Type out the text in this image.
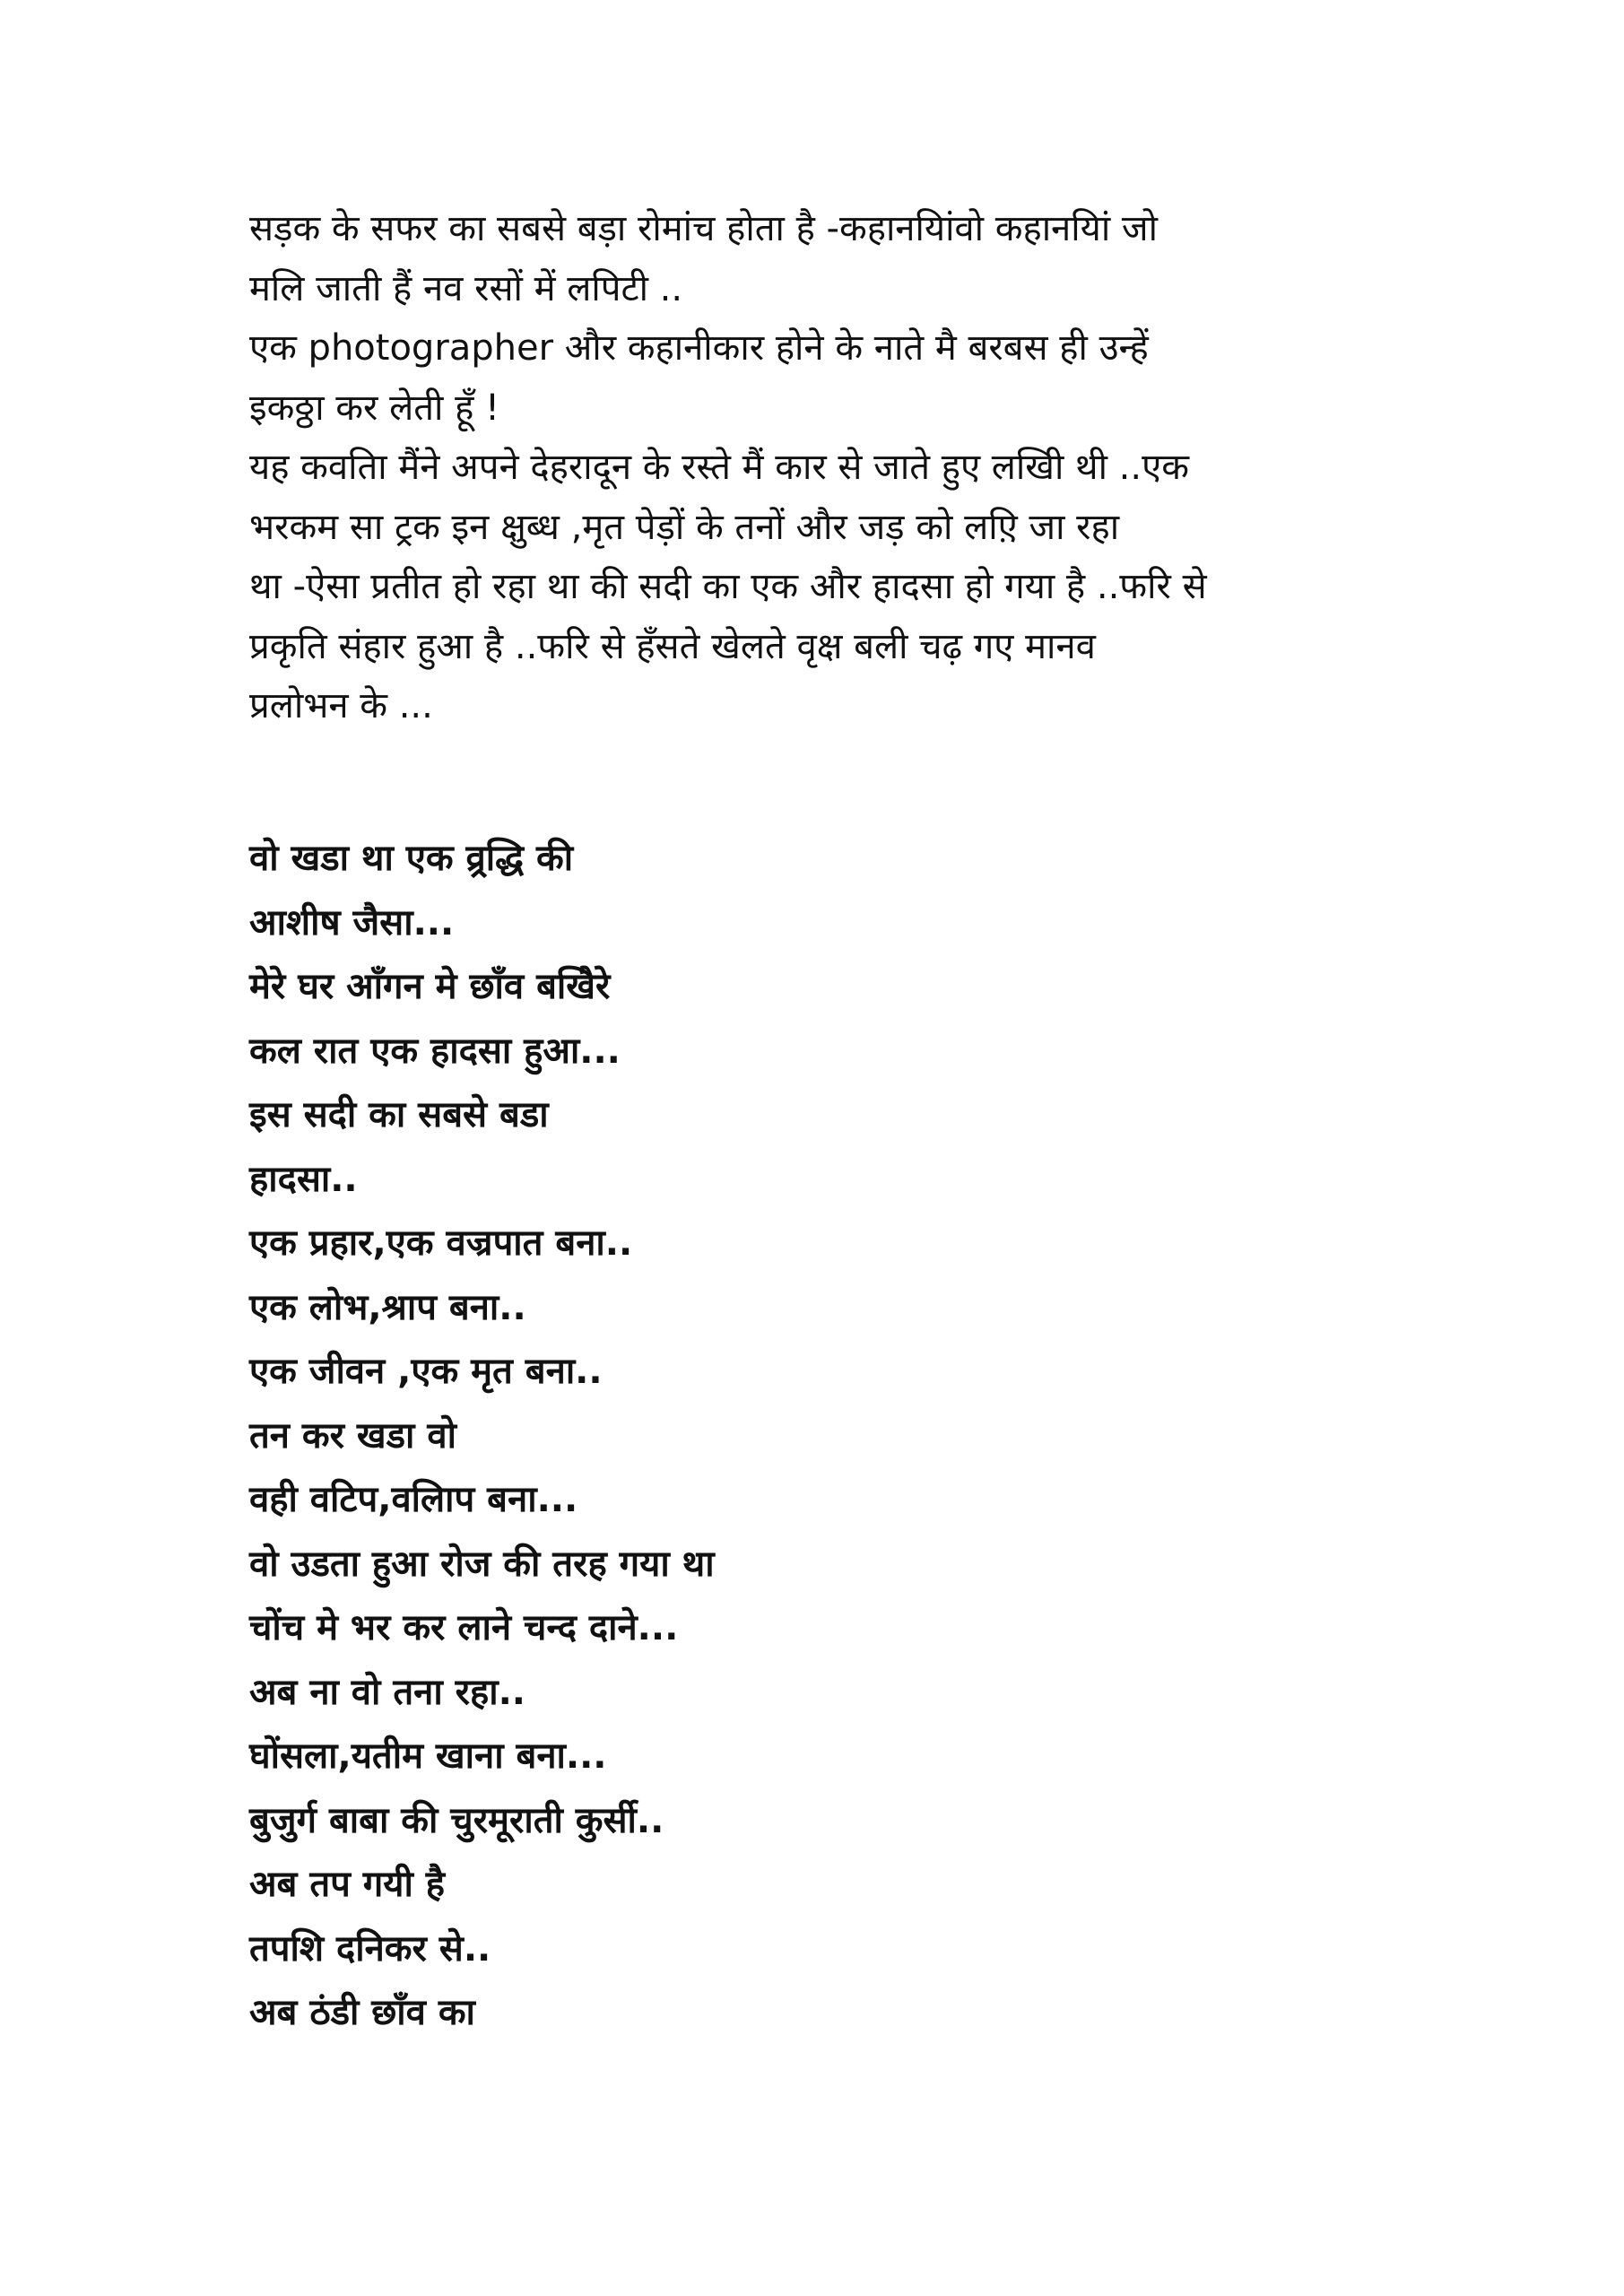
सड़क के सफर का सबसे बड़ा रोमांच होता है -कहानयिांवो कहानयिां जो
मलि जाती हैं नव रसों में लपिटी ..
एक photographer और कहानीकार होने के नाते मै बरबस ही उन्हें
इकठ्ठा कर लेती हूँ !
यह कवतिा मैंने अपने देहरादून के रस्ते मैं कार से जाते हुए लखिी थी ..एक
भरकम सा ट्रक इन क्षुब्ध ,मृत पेड़ों के तनों और जड़ को लए़ि जा रहा
था -ऐसा प्रतीत हो रहा था की सदी का एक और हादसा हो गया है ..फरि से
प्रकृति संहार हुआ है ..फरि से हँसते खेलते वृक्ष बली चढ़ गए मानव
प्रलोभन के ...
वो खडा था एक व्र्रद्धि की
आशीष जैसा...
मेरे घर आँगन मे छाँव बखिैरे
कल रात एक हादसा हुआ...
इस सदी का सबसे बडा
हादसा..
एक प्रहार,एक वज्रपात बना..
एक लोभ,श्राप बना..
एक जीवन ,एक मृत बना..
तन कर खडा वो
वही वटिप,वलिाप बना...
वो उडता हुआ रोज की तरह गया था
चोंच मे भर कर लाने चन्द दाने...
अब ना वो तना रहा..
घोंसला,यतीम खाना बना...
बुजुर्ग बाबा की चुरमूराती कुर्सी..
अब तप गयी है
तपशि दनिकर से..
अब ठंडी छाँव का
